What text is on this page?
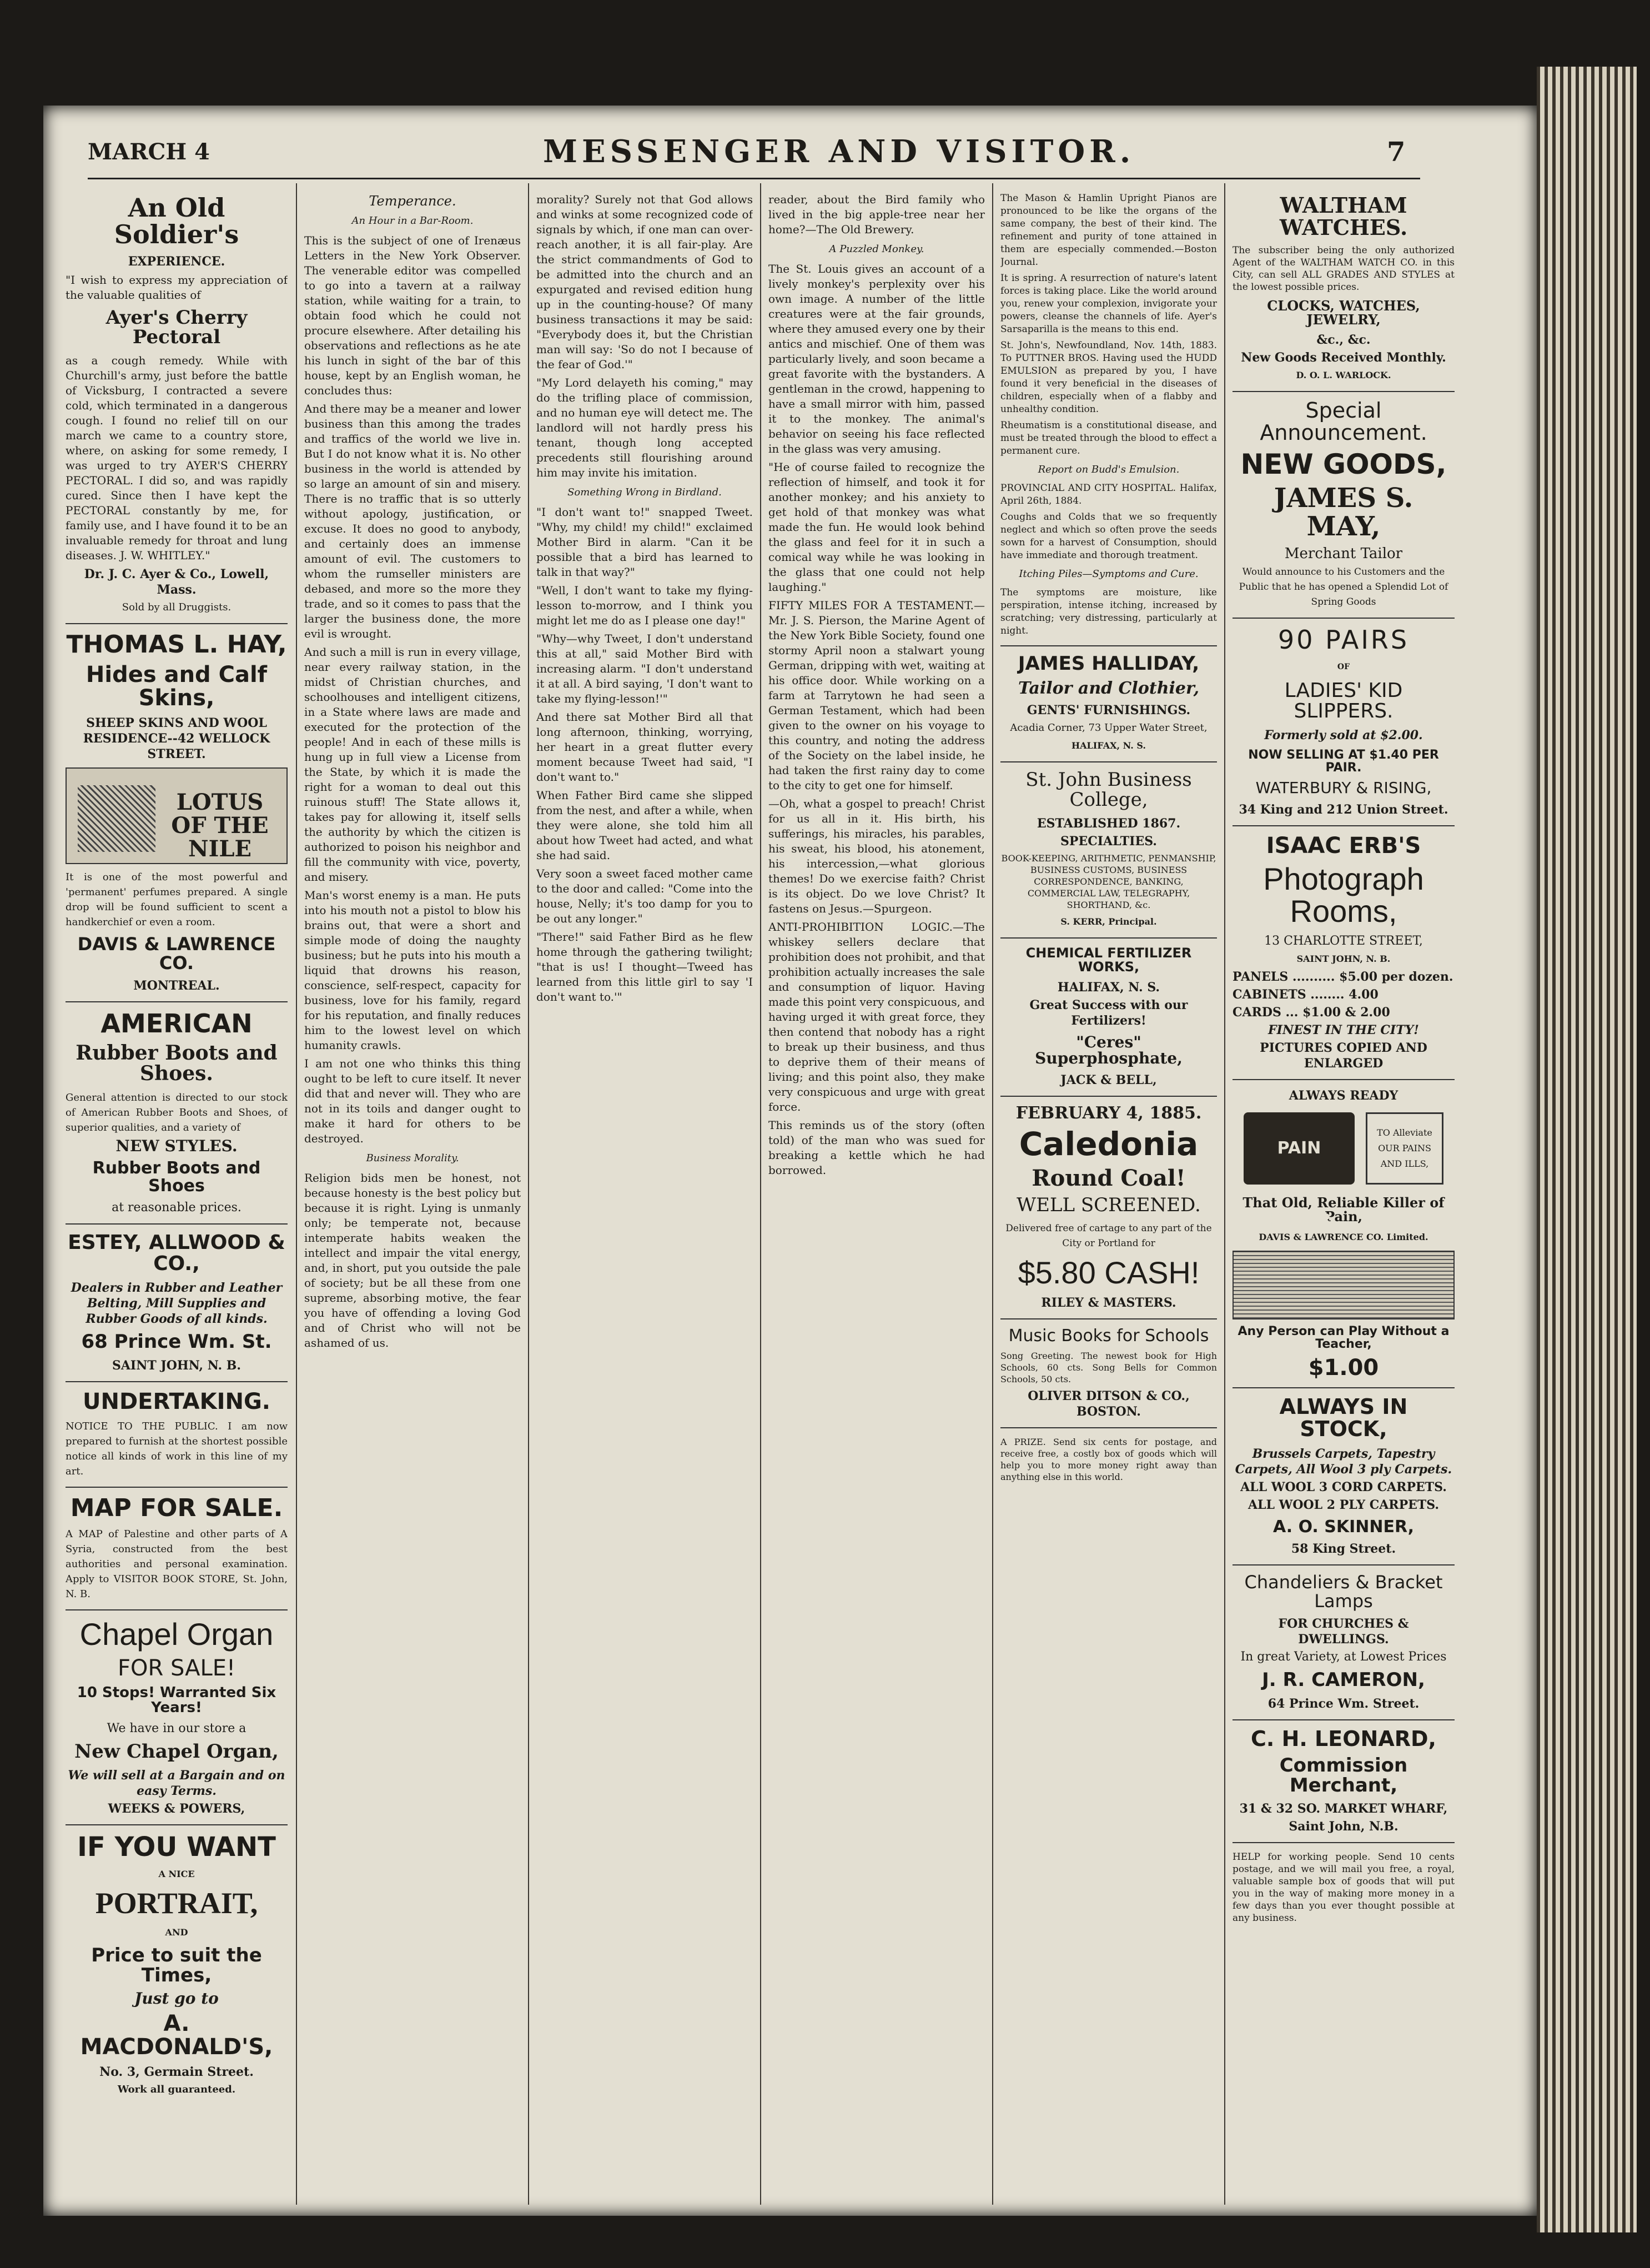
MARCH 4	MESSENGER AND VISITOR.	7
An Old Soldier's
EXPERIENCE.
"I wish to express my appreciation of the valuable qualities of
Ayer's Cherry Pectoral
as a cough remedy. While with Churchill's army, just before the battle of Vicksburg, I contracted a severe cold, which terminated in a dangerous cough. I found no relief till on our march we came to a country store, where, on asking for some remedy, I was urged to try AYER'S CHERRY PECTORAL. I did so, and was rapidly cured. Since then I have kept the PECTORAL constantly by me, for family use, and I have found it to be an invaluable remedy for throat and lung diseases. J. W. WHITLEY."
Dr. J. C. Ayer & Co., Lowell, Mass.
Sold by all Druggists.
THOMAS L. HAY,
Hides and Calf Skins,
SHEEP SKINS AND WOOL RESIDENCE--42 WELLOCK STREET.
LOTUS OF THE NILE
It is one of the most powerful and 'permanent' perfumes prepared. A single drop will be found sufficient to scent a handkerchief or even a room.
DAVIS & LAWRENCE CO.
MONTREAL.
AMERICAN
Rubber Boots and Shoes.
General attention is directed to our stock of American Rubber Boots and Shoes, of superior qualities, and a variety of
NEW STYLES.
Rubber Boots and Shoes
at reasonable prices.
ESTEY, ALLWOOD & CO.,
Dealers in Rubber and Leather Belting, Mill Supplies and Rubber Goods of all kinds.
68 Prince Wm. St.
SAINT JOHN, N. B.
UNDERTAKING.
NOTICE TO THE PUBLIC. I am now prepared to furnish at the shortest possible notice all kinds of work in this line of my art.
MAP FOR SALE.
A MAP of Palestine and other parts of A Syria, constructed from the best authorities and personal examination. Apply to VISITOR BOOK STORE, St. John, N. B.
Chapel Organ
FOR SALE!
10 Stops! Warranted Six Years!
We have in our store a
New Chapel Organ,
We will sell at a Bargain and on easy Terms.
WEEKS & POWERS,
IF YOU WANT
A NICE
PORTRAIT,
AND
Price to suit the Times,
Just go to
A. MACDONALD'S,
No. 3, Germain Street.
Work all guaranteed.
Temperance.
An Hour in a Bar-Room.
This is the subject of one of Irenæus Letters in the New York Observer. The venerable editor was compelled to go into a tavern at a railway station, while waiting for a train, to obtain food which he could not procure elsewhere. After detailing his observations and reflections as he ate his lunch in sight of the bar of this house, kept by an English woman, he concludes thus:
And there may be a meaner and lower business than this among the trades and traffics of the world we live in. But I do not know what it is. No other business in the world is attended by so large an amount of sin and misery. There is no traffic that is so utterly without apology, justification, or excuse. It does no good to anybody, and certainly does an immense amount of evil. The customers to whom the rumseller ministers are debased, and more so the more they trade, and so it comes to pass that the larger the business done, the more evil is wrought.
And such a mill is run in every village, near every railway station, in the midst of Christian churches, and schoolhouses and intelligent citizens, in a State where laws are made and executed for the protection of the people! And in each of these mills is hung up in full view a License from the State, by which it is made the right for a woman to deal out this ruinous stuff! The State allows it, takes pay for allowing it, itself sells the authority by which the citizen is authorized to poison his neighbor and fill the community with vice, poverty, and misery.
Man's worst enemy is a man. He puts into his mouth not a pistol to blow his brains out, that were a short and simple mode of doing the naughty business; but he puts into his mouth a liquid that drowns his reason, conscience, self-respect, capacity for business, love for his family, regard for his reputation, and finally reduces him to the lowest level on which humanity crawls.
I am not one who thinks this thing ought to be left to cure itself. It never did that and never will. They who are not in its toils and danger ought to make it hard for others to be destroyed.
Business Morality.
Religion bids men be honest, not because honesty is the best policy but because it is right. Lying is unmanly only; be temperate not, because intemperate habits weaken the intellect and impair the vital energy, and, in short, put you outside the pale of society; but be all these from one supreme, absorbing motive, the fear you have of offending a loving God and of Christ who will not be ashamed of us.
morality? Surely not that God allows and winks at some recognized code of signals by which, if one man can over-reach another, it is all fair-play. Are the strict commandments of God to be admitted into the church and an expurgated and revised edition hung up in the counting-house? Of many business transactions it may be said: "Everybody does it, but the Christian man will say: 'So do not I because of the fear of God.'"
"My Lord delayeth his coming," may do the trifling place of commission, and no human eye will detect me. The landlord will not hardly press his tenant, though long accepted precedents still flourishing around him may invite his imitation.
Something Wrong in Birdland.
"I don't want to!" snapped Tweet. "Why, my child! my child!" exclaimed Mother Bird in alarm. "Can it be possible that a bird has learned to talk in that way?"
"Well, I don't want to take my flying-lesson to-morrow, and I think you might let me do as I please one day!"
"Why—why Tweet, I don't understand this at all," said Mother Bird with increasing alarm. "I don't understand it at all. A bird saying, 'I don't want to take my flying-lesson!'"
And there sat Mother Bird all that long afternoon, thinking, worrying, her heart in a great flutter every moment because Tweet had said, "I don't want to."
When Father Bird came she slipped from the nest, and after a while, when they were alone, she told him all about how Tweet had acted, and what she had said.
Very soon a sweet faced mother came to the door and called: "Come into the house, Nelly; it's too damp for you to be out any longer."
"There!" said Father Bird as he flew home through the gathering twilight; "that is us! I thought—Tweed has learned from this little girl to say 'I don't want to.'"
reader, about the Bird family who lived in the big apple-tree near her home?—The Old Brewery.
A Puzzled Monkey.
The St. Louis gives an account of a lively monkey's perplexity over his own image. A number of the little creatures were at the fair grounds, where they amused every one by their antics and mischief. One of them was particularly lively, and soon became a great favorite with the bystanders. A gentleman in the crowd, happening to have a small mirror with him, passed it to the monkey. The animal's behavior on seeing his face reflected in the glass was very amusing.
"He of course failed to recognize the reflection of himself, and took it for another monkey; and his anxiety to get hold of that monkey was what made the fun. He would look behind the glass and feel for it in such a comical way while he was looking in the glass that one could not help laughing."
FIFTY MILES FOR A TESTAMENT.—Mr. J. S. Pierson, the Marine Agent of the New York Bible Society, found one stormy April noon a stalwart young German, dripping with wet, waiting at his office door. While working on a farm at Tarrytown he had seen a German Testament, which had been given to the owner on his voyage to this country, and noting the address of the Society on the label inside, he had taken the first rainy day to come to the city to get one for himself.
—Oh, what a gospel to preach! Christ for us all in it. His birth, his sufferings, his miracles, his parables, his sweat, his blood, his atonement, his intercession,—what glorious themes! Do we exercise faith? Christ is its object. Do we love Christ? It fastens on Jesus.—Spurgeon.
ANTI-PROHIBITION LOGIC.—The whiskey sellers declare that prohibition does not prohibit, and that prohibition actually increases the sale and consumption of liquor. Having made this point very conspicuous, and having urged it with great force, they then contend that nobody has a right to break up their business, and thus to deprive them of their means of living; and this point also, they make very conspicuous and urge with great force.
This reminds us of the story (often told) of the man who was sued for breaking a kettle which he had borrowed.
The Mason & Hamlin Upright Pianos are pronounced to be like the organs of the same company, the best of their kind. The refinement and purity of tone attained in them are especially commended.—Boston Journal.
It is spring. A resurrection of nature's latent forces is taking place. Like the world around you, renew your complexion, invigorate your powers, cleanse the channels of life. Ayer's Sarsaparilla is the means to this end.
St. John's, Newfoundland, Nov. 14th, 1883. To PUTTNER BROS. Having used the HUDD EMULSION as prepared by you, I have found it very beneficial in the diseases of children, especially when of a flabby and unhealthy condition.
Rheumatism is a constitutional disease, and must be treated through the blood to effect a permanent cure.
Report on Budd's Emulsion.
PROVINCIAL AND CITY HOSPITAL. Halifax, April 26th, 1884.
Coughs and Colds that we so frequently neglect and which so often prove the seeds sown for a harvest of Consumption, should have immediate and thorough treatment.
Itching Piles—Symptoms and Cure.
The symptoms are moisture, like perspiration, intense itching, increased by scratching; very distressing, particularly at night.
JAMES HALLIDAY,
Tailor and Clothier,
GENTS' FURNISHINGS.
Acadia Corner, 73 Upper Water Street,
HALIFAX, N. S.
St. John Business College,
ESTABLISHED 1867.
SPECIALTIES.
BOOK-KEEPING, ARITHMETIC, PENMANSHIP, BUSINESS CUSTOMS, BUSINESS CORRESPONDENCE, BANKING, COMMERCIAL LAW, TELEGRAPHY, SHORTHAND, &c.
S. KERR, Principal.
CHEMICAL FERTILIZER WORKS,
HALIFAX, N. S.
Great Success with our Fertilizers!
"Ceres" Superphosphate,
JACK & BELL,
FEBRUARY 4, 1885.
Caledonia
Round Coal!
WELL SCREENED.
Delivered free of cartage to any part of the City or Portland for
$5.80 CASH!
RILEY & MASTERS.
Music Books for Schools
Song Greeting. The newest book for High Schools, 60 cts. Song Bells for Common Schools, 50 cts.
OLIVER DITSON & CO., BOSTON.
A PRIZE. Send six cents for postage, and receive free, a costly box of goods which will help you to more money right away than anything else in this world.
WALTHAM WATCHES.
The subscriber being the only authorized Agent of the WALTHAM WATCH CO. in this City, can sell ALL GRADES AND STYLES at the lowest possible prices.
CLOCKS, WATCHES, JEWELRY,
&c., &c.
New Goods Received Monthly.
D. O. L. WARLOCK.
Special Announcement.
NEW GOODS,
JAMES S. MAY,
Merchant Tailor
Would announce to his Customers and the Public that he has opened a Splendid Lot of Spring Goods
90 PAIRS
OF
LADIES' KID SLIPPERS.
Formerly sold at $2.00.
NOW SELLING AT $1.40 PER PAIR.
WATERBURY & RISING,
34 King and 212 Union Street.
ISAAC ERB'S
Photograph Rooms,
13 CHARLOTTE STREET,
SAINT JOHN, N. B.
PANELS .......... $5.00 per dozen.
CABINETS ........ 4.00
CARDS ... $1.00 & 2.00
FINEST IN THE CITY!
PICTURES COPIED AND ENLARGED
ALWAYS READY
PAIN KILLER
TO Alleviate OUR PAINS AND ILLS,
That Old, Reliable Killer of Pain,
DAVIS & LAWRENCE CO. Limited.
Any Person can Play Without a Teacher,
$1.00
ALWAYS IN STOCK,
Brussels Carpets, Tapestry Carpets, All Wool 3 ply Carpets.
ALL WOOL 3 CORD CARPETS.
ALL WOOL 2 PLY CARPETS.
A. O. SKINNER,
58 King Street.
Chandeliers & Bracket Lamps
FOR CHURCHES & DWELLINGS.
In great Variety, at Lowest Prices
J. R. CAMERON,
64 Prince Wm. Street.
C. H. LEONARD,
Commission Merchant,
31 & 32 SO. MARKET WHARF,
Saint John, N.B.
HELP for working people. Send 10 cents postage, and we will mail you free, a royal, valuable sample box of goods that will put you in the way of making more money in a few days than you ever thought possible at any business.
